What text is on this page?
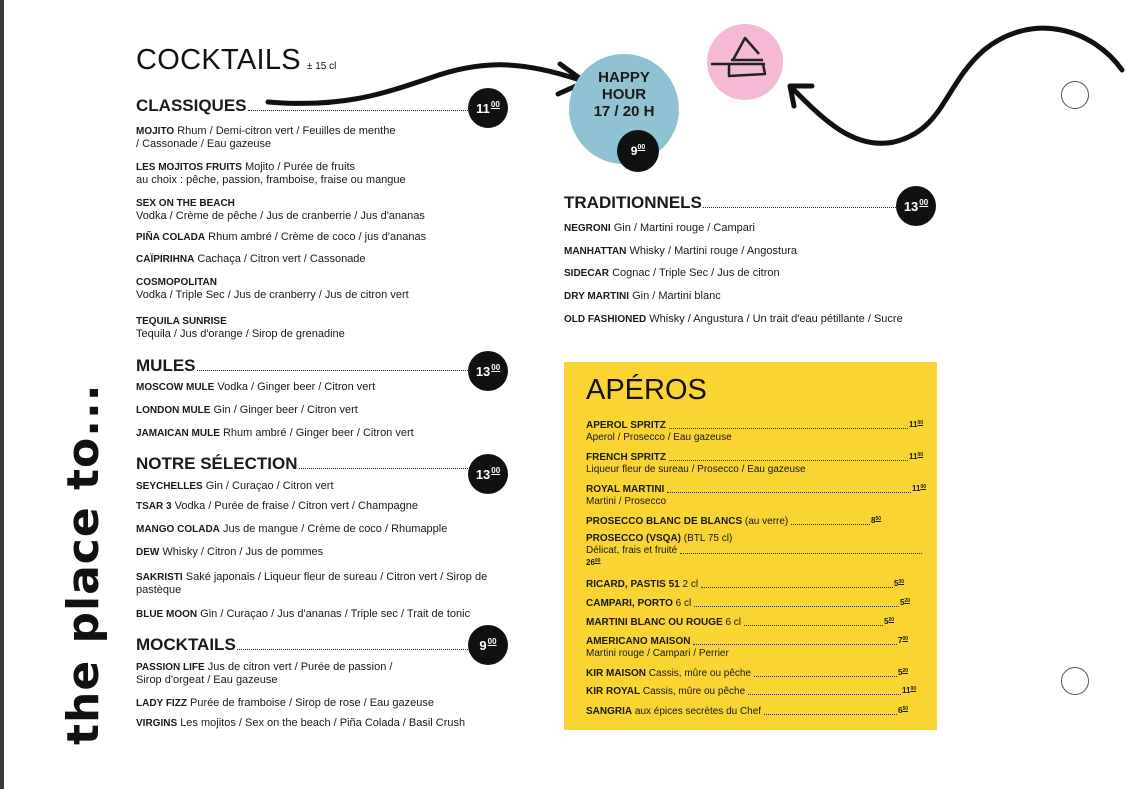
the place to...
COCKTAILS ± 15 cl
CLASSIQUES	$11^{00}$
MOJITO Rhum / Demi-citron vert / Feuilles de menthe
/ Cassonade / Eau gazeuse
LES MOJITOS FRUITS Mojito / Purée de fruits
au choix : pêche, passion, framboise, fraise ou mangue
SEX ON THE BEACH
Vodka / Crème de pêche / Jus de cranberrie / Jus d'ananas
PIÑA COLADA Rhum ambré / Crème de coco / jus d'ananas
CAÏPIRIHNA Cachaça / Citron vert / Cassonade
COSMOPOLITAN
Vodka / Triple Sec / Jus de cranberry / Jus de citron vert
TEQUILA SUNRISE
Tequila / Jus d'orange / Sirop de grenadine
MULES	$13^{00}$
MOSCOW MULE Vodka / Ginger beer / Citron vert
LONDON MULE Gin / Ginger beer / Citron vert
JAMAICAN MULE Rhum ambré / Ginger beer / Citron vert
NOTRE SÉLECTION
$13^{00}$
SEYCHELLES Gin / Curaçao / Citron vert
TSAR 3 Vodka / Purée de fraise / Citron vert / Champagne
MANGO COLADA Jus de mangue / Crème de coco / Rhumapple
DEW Whisky / Citron / Jus de pommes
SAKRISTI Saké japonais / Liqueur fleur de sureau / Citron vert / Sirop de
pastèque
BLUE MOON Gin / Curaçao / Jus d'ananas / Triple sec / Trait de tonic
MOCKTAILS	$9^{00}$
PASSION LIFE Jus de citron vert / Purée de passion /
Sirop d'orgeat / Eau gazeuse
LADY FIZZ Purée de framboise / Sirop de rose / Eau gazeuse
VIRGINS Les mojitos / Sex on the beach / Piña Colada / Basil Crush
HAPPY
HOUR
17 / 20 H
$9^{00}$
TRADITIONNELS	$13^{00}$
NEGRONI Gin / Martini rouge / Campari
MANHATTAN Whisky / Martini rouge / Angostura
SIDECAR Cognac / Triple Sec / Jus de citron
DRY MARTINI Gin / Martini blanc
OLD FASHIONED Whisky / Angustura / Un trait d'eau pétillante / Sucre
APÉROS
APEROL SPRITZ	$11^{00}$
Aperol / Prosecco / Eau gazeuse
FRENCH SPRITZ	$11^{00}$
Liqueur fleur de sureau / Prosecco / Eau gazeuse
ROYAL MARTINI	$11^{00}$
Martini / Prosecco
PROSECCO BLANC DE BLANCS (au verre)	$8^{50}$
PROSECCO (VSQA) (BTL 75 cl)
Délicat, frais et fruité
$26^{00}$
RICARD, PASTIS 51 2 cl	$5^{00}$
CAMPARI, PORTO 6 cl	$5^{20}$
MARTINI BLANC OU ROUGE 6 cl	$5^{20}$
AMERICANO MAISON	$7^{00}$
Martini rouge / Campari / Perrier
KIR MAISON Cassis, mûre ou pêche	$5^{20}$
KIR ROYAL Cassis, mûre ou pêche	$11^{00}$
SANGRIA aux épices secrètes du Chef	$6^{50}$
